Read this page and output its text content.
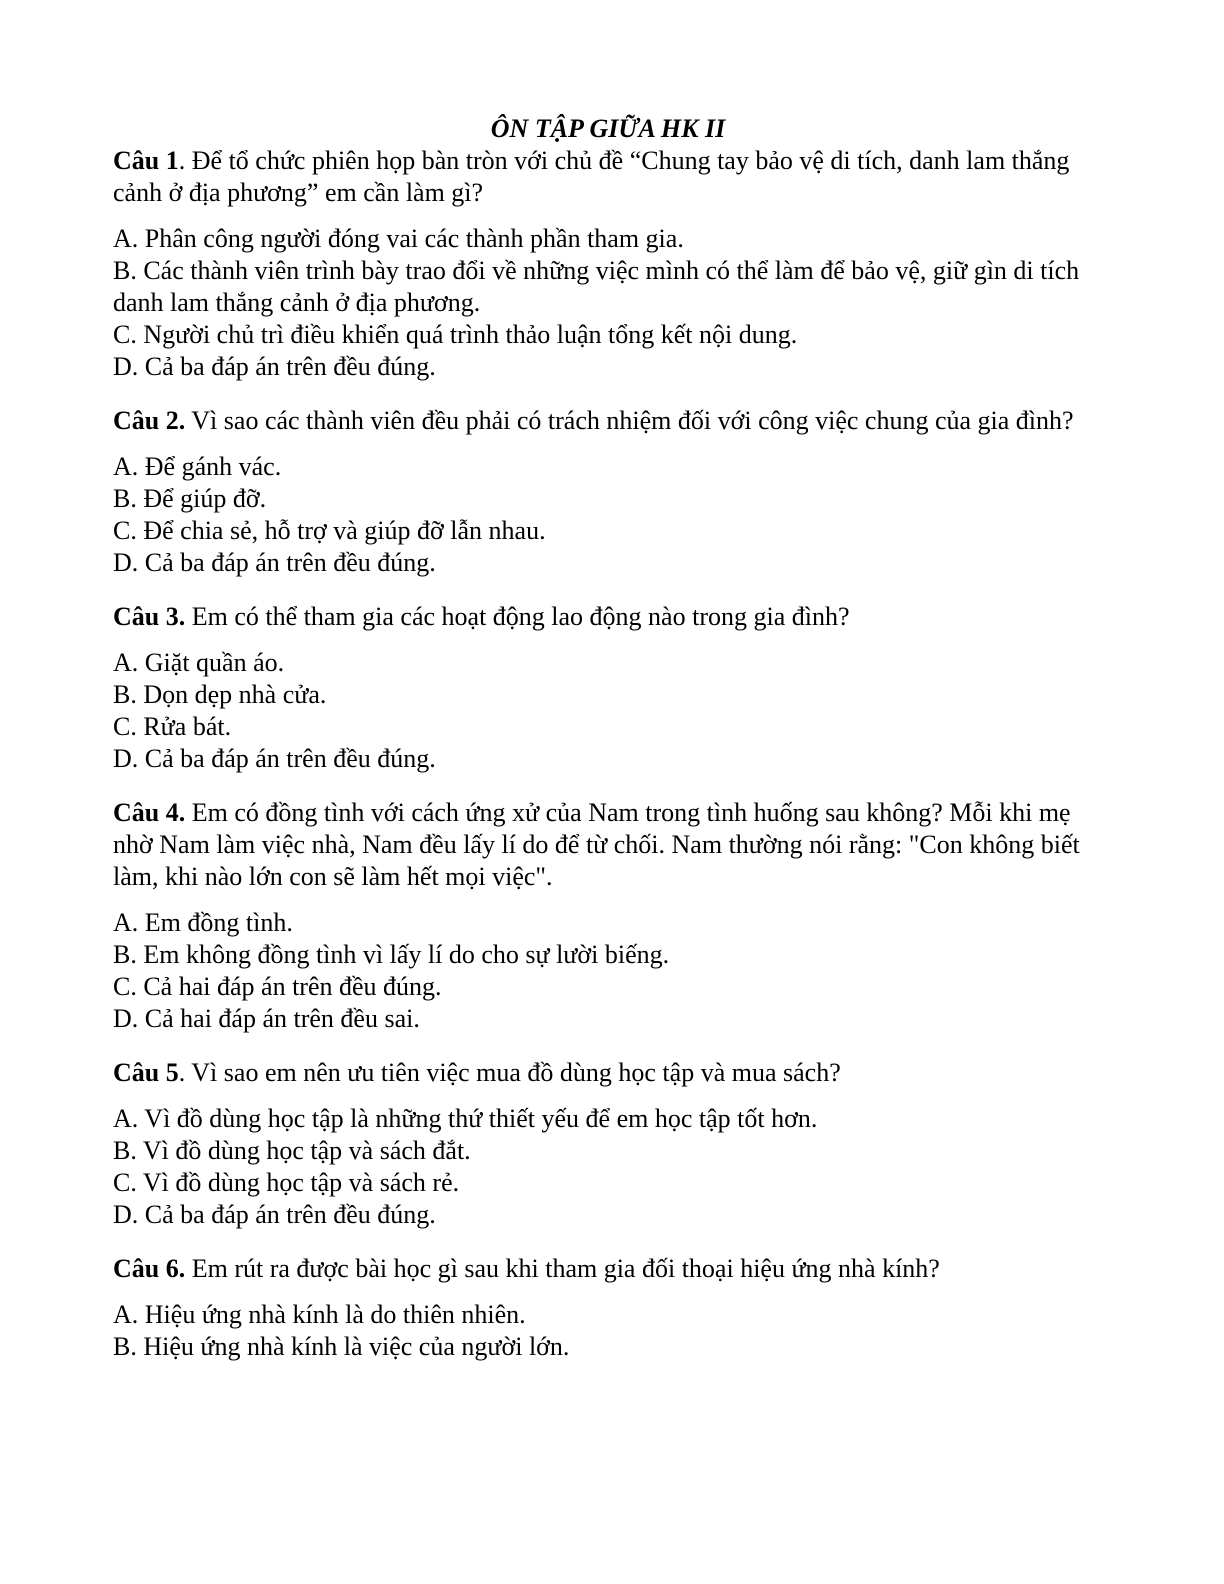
ÔN TẬP GIỮA HK II

Câu 1. Để tổ chức phiên họp bàn tròn với chủ đề “Chung tay bảo vệ di tích, danh lam thắng cảnh ở địa phương” em cần làm gì?

A. Phân công người đóng vai các thành phần tham gia.
B. Các thành viên trình bày trao đổi về những việc mình có thể làm để bảo vệ, giữ gìn di tích danh lam thắng cảnh ở địa phương.
C. Người chủ trì điều khiển quá trình thảo luận tổng kết nội dung.
D. Cả ba đáp án trên đều đúng.

Câu 2. Vì sao các thành viên đều phải có trách nhiệm đối với công việc chung của gia đình?

A. Để gánh vác.
B. Để giúp đỡ.
C. Để chia sẻ, hỗ trợ và giúp đỡ lẫn nhau.
D. Cả ba đáp án trên đều đúng.

Câu 3. Em có thể tham gia các hoạt động lao động nào trong gia đình?

A. Giặt quần áo.
B. Dọn dẹp nhà cửa.
C. Rửa bát.
D. Cả ba đáp án trên đều đúng.

Câu 4. Em có đồng tình với cách ứng xử của Nam trong tình huống sau không? Mỗi khi mẹ nhờ Nam làm việc nhà, Nam đều lấy lí do để từ chối. Nam thường nói rằng: "Con không biết làm, khi nào lớn con sẽ làm hết mọi việc".

A. Em đồng tình.
B. Em không đồng tình vì lấy lí do cho sự lười biếng.
C. Cả hai đáp án trên đều đúng.
D. Cả hai đáp án trên đều sai.

Câu 5. Vì sao em nên ưu tiên việc mua đồ dùng học tập và mua sách?

A. Vì đồ dùng học tập là những thứ thiết yếu để em học tập tốt hơn.
B. Vì đồ dùng học tập và sách đắt.
C. Vì đồ dùng học tập và sách rẻ.
D. Cả ba đáp án trên đều đúng.

Câu 6. Em rút ra được bài học gì sau khi tham gia đối thoại hiệu ứng nhà kính?

A. Hiệu ứng nhà kính là do thiên nhiên.
B. Hiệu ứng nhà kính là việc của người lớn.
